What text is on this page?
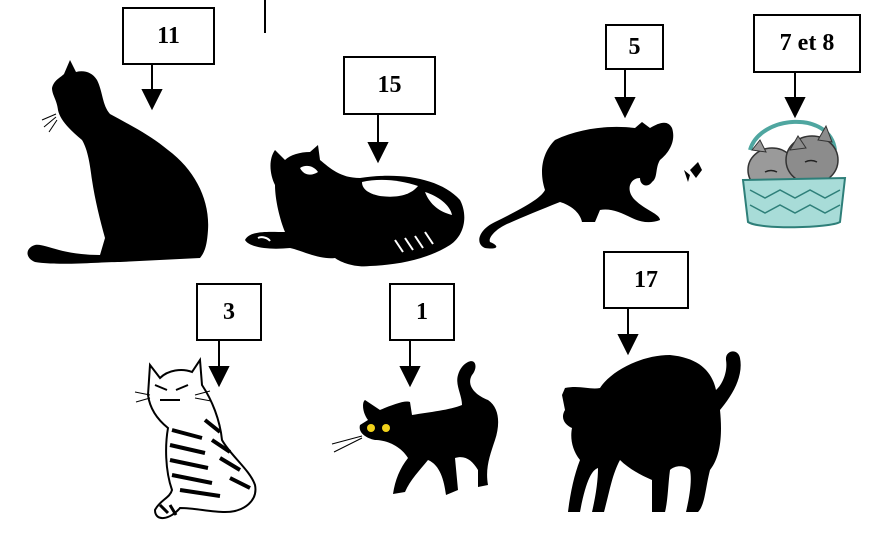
11
15
5	7 et 8
3	1
17
